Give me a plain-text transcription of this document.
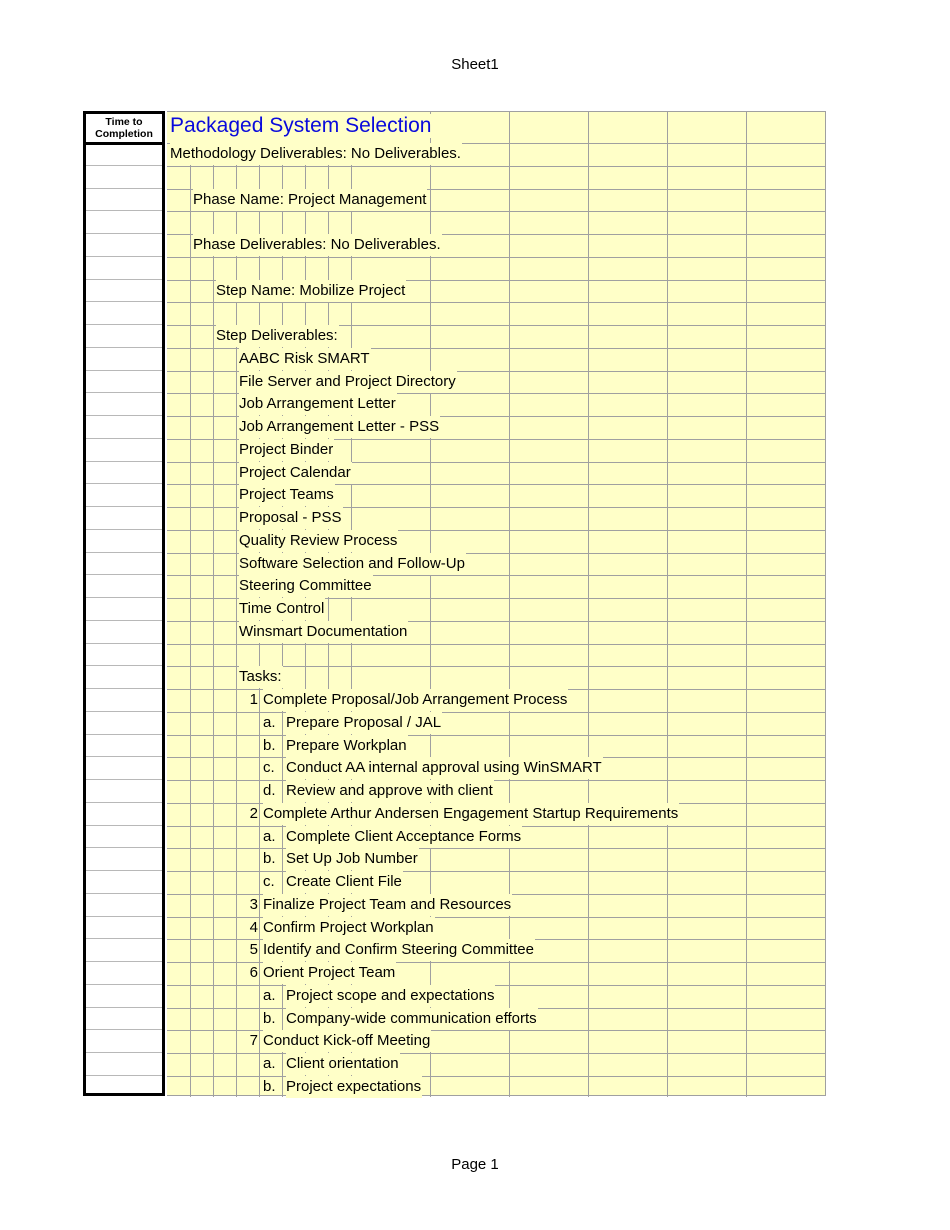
Sheet1
Time to Completion Packaged System Selection
Methodology Deliverables: No Deliverables.
Phase Name: Project Management
Phase Deliverables: No Deliverables.
Step Name: Mobilize Project
Step Deliverables:
AABC Risk SMART
File Server and Project Directory
Job Arrangement Letter
Job Arrangement Letter - PSS
Project Binder
Project Calendar
Project Teams
Proposal - PSS
Quality Review Process
Software Selection and Follow-Up
Steering Committee
Time Control
Winsmart Documentation
Tasks:
1 Complete Proposal/Job Arrangement Process
a. Prepare Proposal / JAL
b. Prepare Workplan
c. Conduct AA internal approval using WinSMART
d. Review and approve with client
2 Complete Arthur Andersen Engagement Startup Requirements
a. Complete Client Acceptance Forms
b. Set Up Job Number
c. Create Client File
3 Finalize Project Team and Resources
4 Confirm Project Workplan
5 Identify and Confirm Steering Committee
6 Orient Project Team
a. Project scope and expectations
b. Company-wide communication efforts
7 Conduct Kick-off Meeting
a. Client orientation
b. Project expectations
Page 1
